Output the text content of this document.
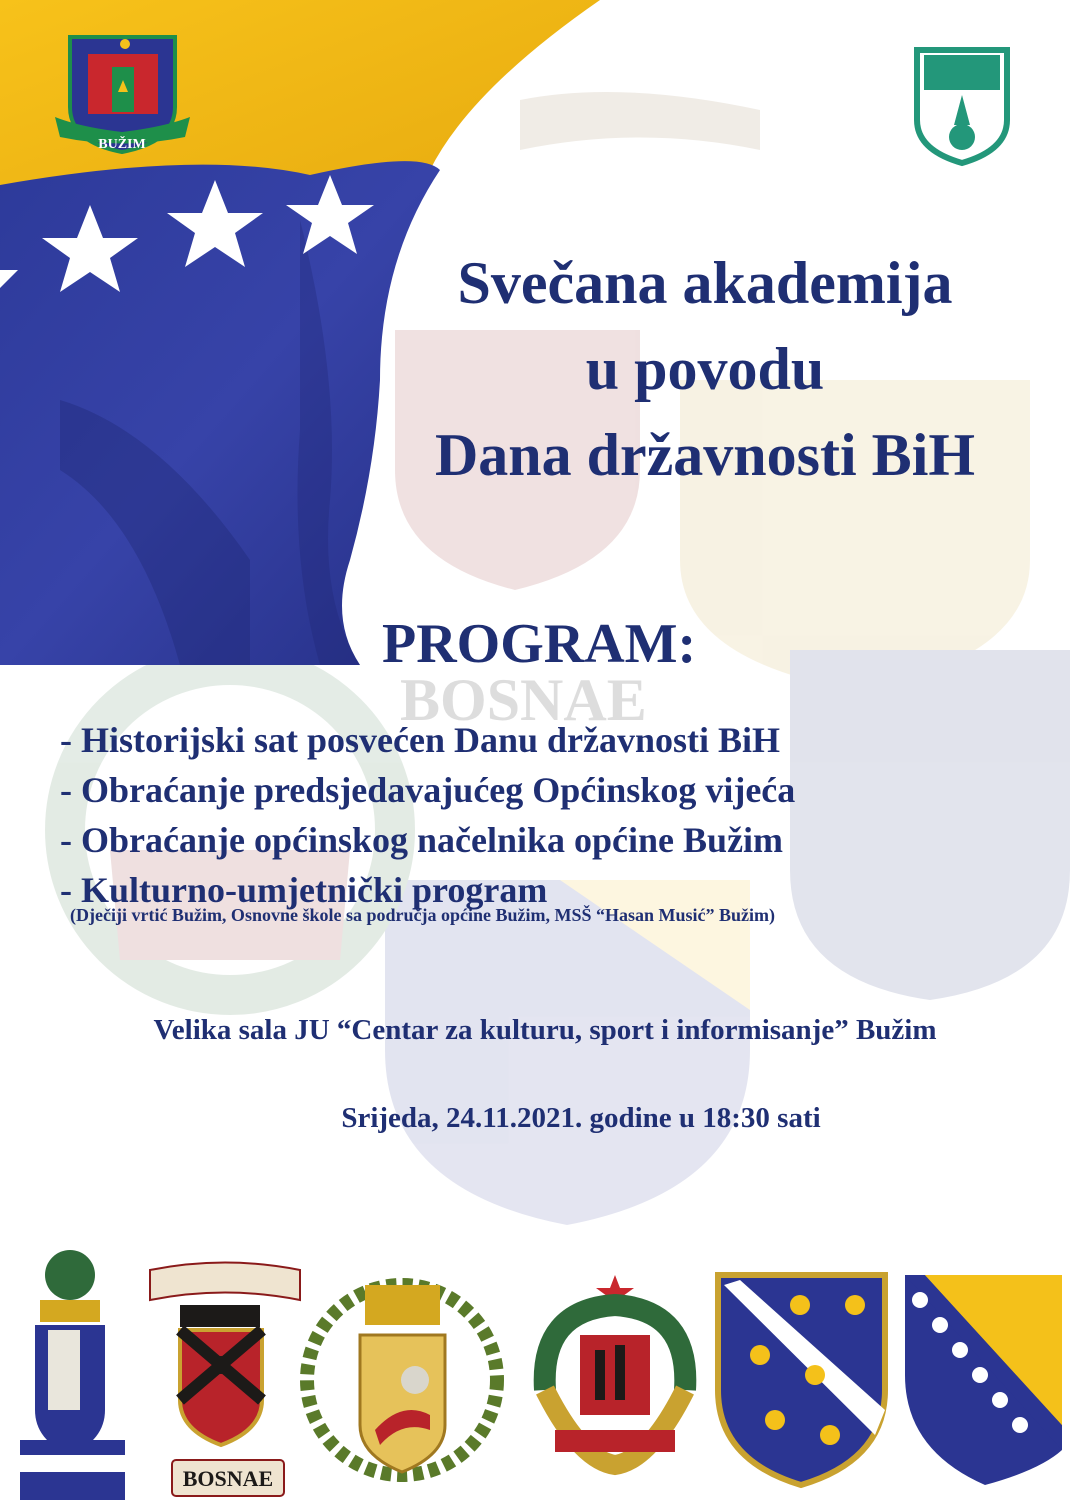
BOSNAE
BUŽIM
Svečana akademija
u povodu
Dana državnosti BiH
PROGRAM:
- Historijski sat posvećen Danu državnosti BiH
- Obraćanje predsjedavajućeg Općinskog vijeća
- Obraćanje općinskog načelnika općine Bužim
- Kulturno-umjetnički program
(Dječiji vrtić Bužim, Osnovne škole sa područja općine Bužim, MSŠ “Hasan Musić” Bužim)
Velika sala JU “Centar za kulturu, sport i informisanje” Bužim
Srijeda, 24.11.2021. godine u 18:30 sati
BOSNAE
